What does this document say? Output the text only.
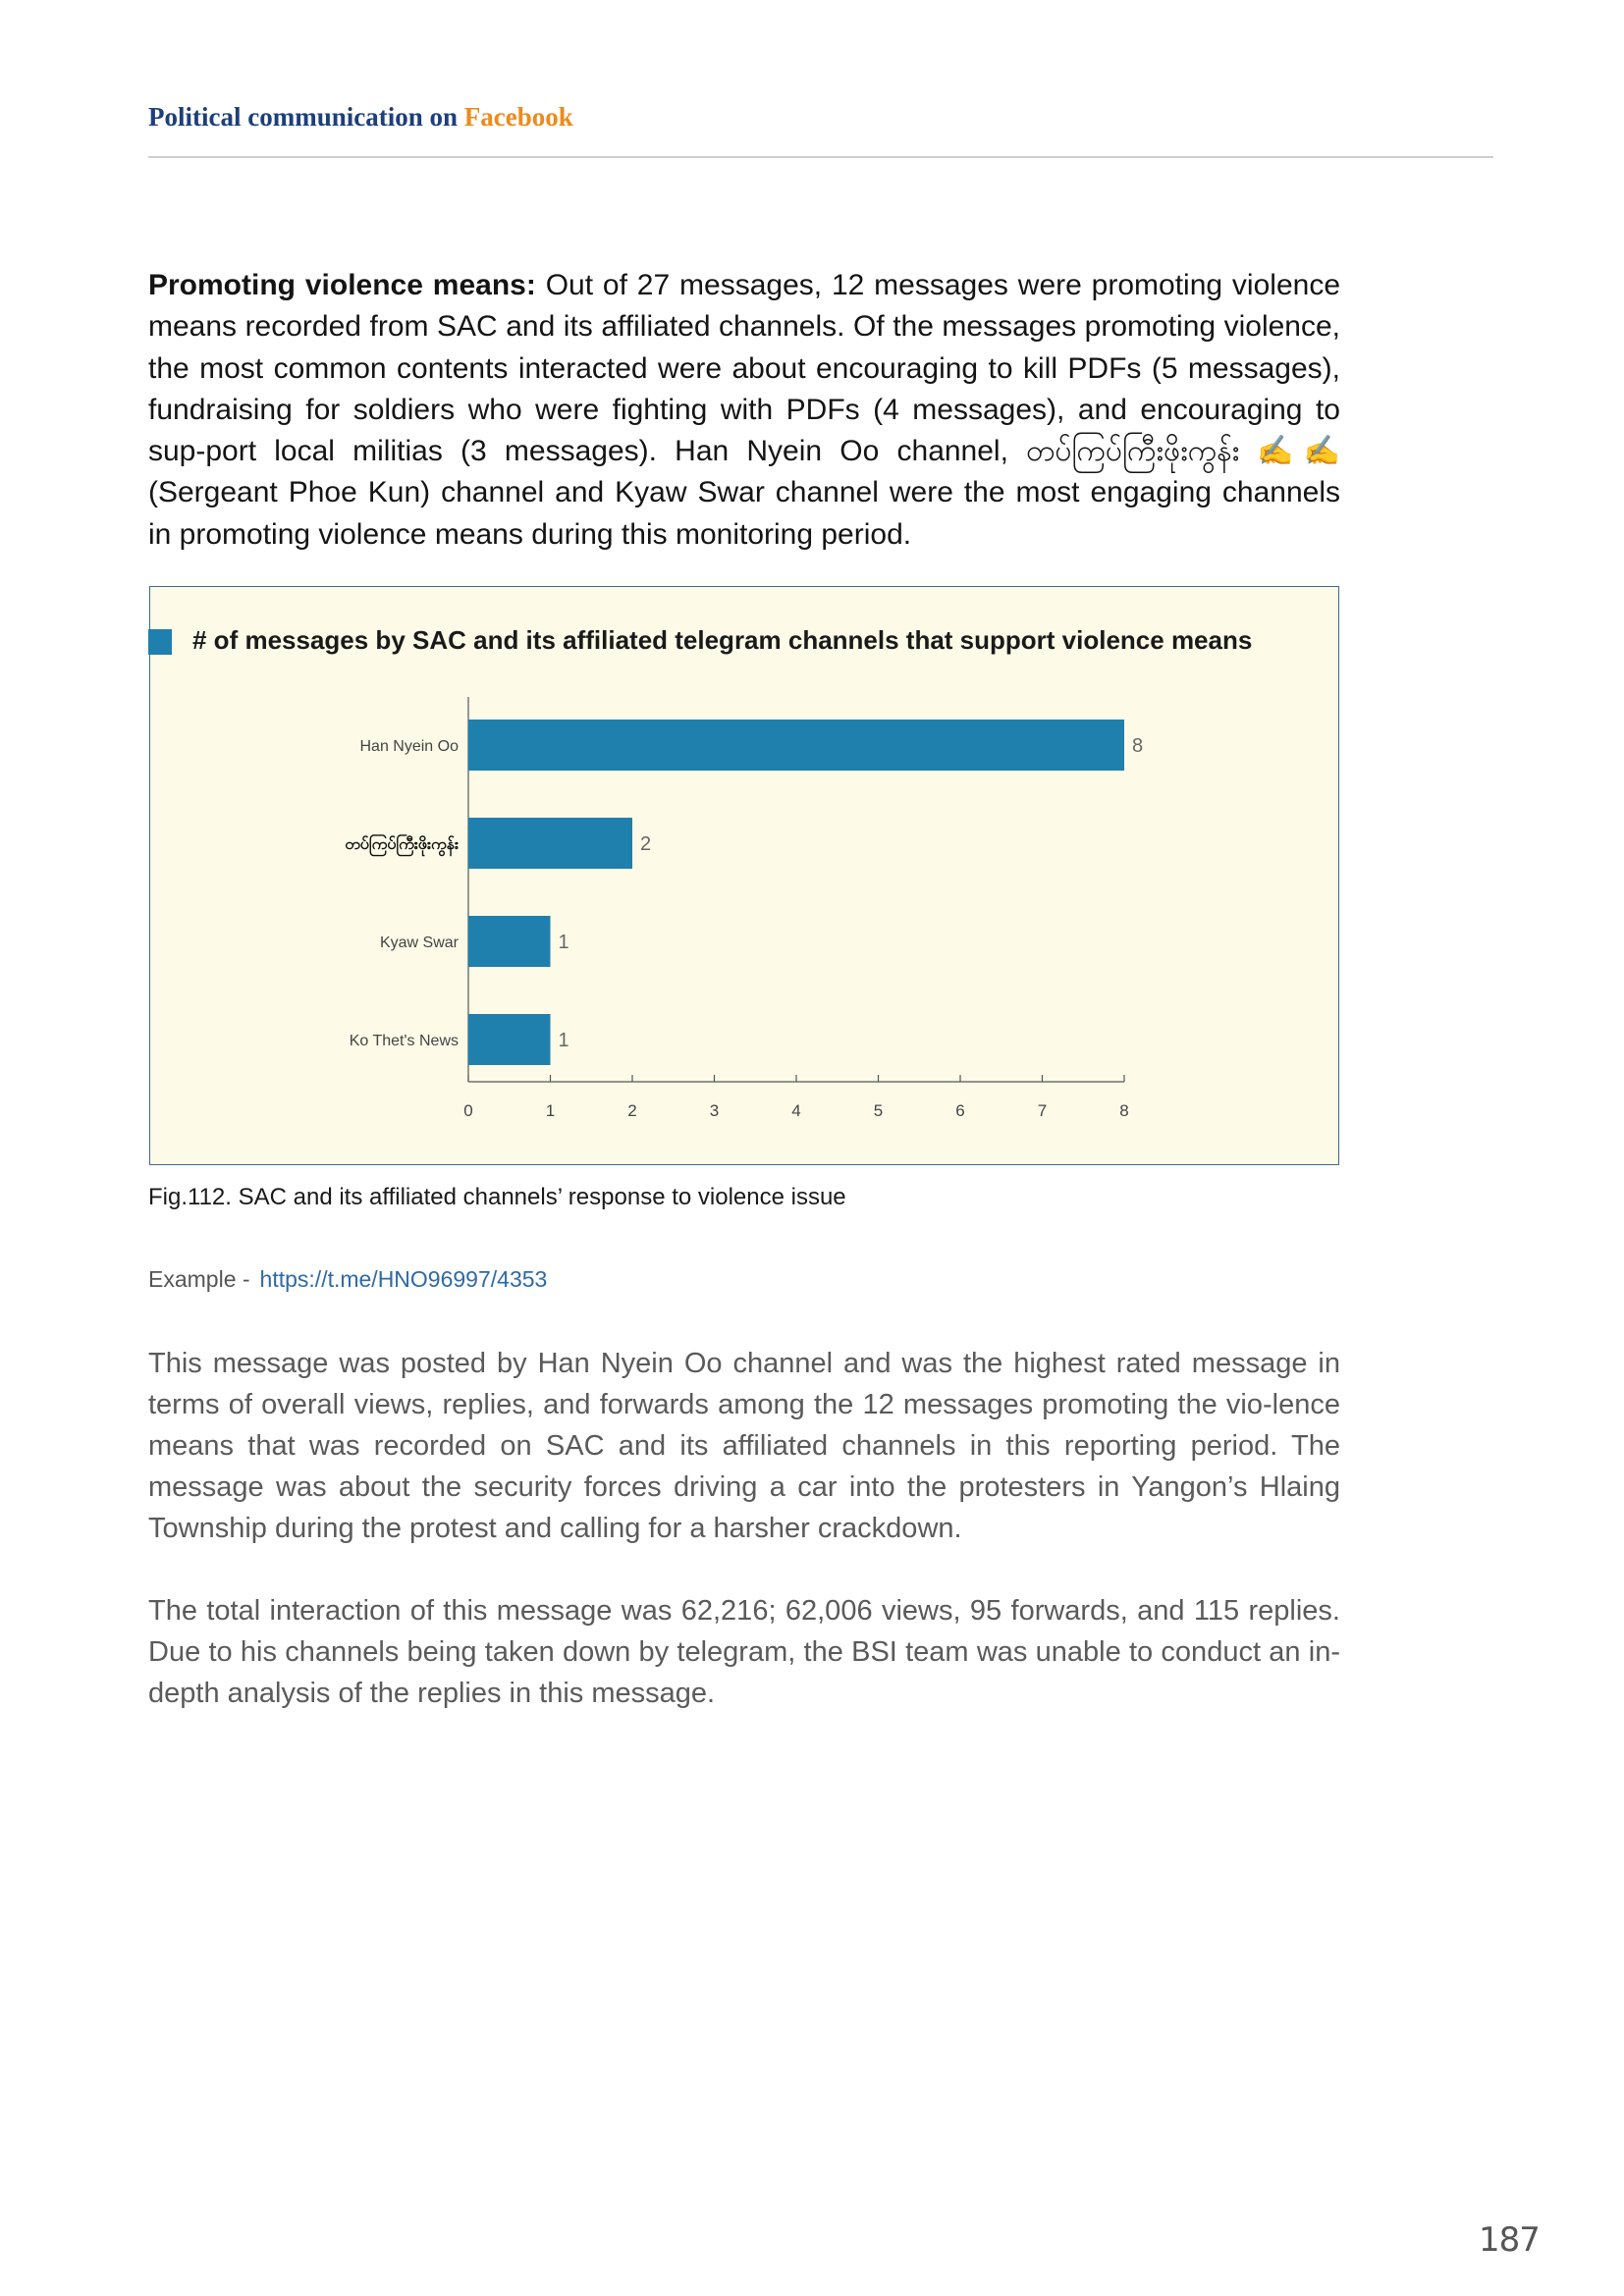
Political communication on Facebook

Promoting violence means: Out of 27 messages, 12 messages were promoting violence means recorded from SAC and its affiliated channels. Of the messages promoting violence, the most common contents interacted were about encouraging to kill PDFs (5 messages), fundraising for soldiers who were fighting with PDFs (4 messages), and encouraging to sup-port local militias (3 messages). Han Nyein Oo channel, တပ်ကြပ်ကြီးဖိုးကွန်း ✍️✍️ (Sergeant Phoe Kun) channel and Kyaw Swar channel were the most engaging channels in promoting violence means during this monitoring period.

# of messages by SAC and its affiliated telegram channels that support violence means
0	1	2	3	4	5	6	7	8
Han Nyein Oo	8
တပ်ကြပ်ကြီးဖိုးကွန်း	2
Kyaw Swar	1
Ko Thet's News	1
Fig.112. SAC and its affiliated channels’ response to violence issue
Example - https://t.me/HNO96997/4353

This message was posted by Han Nyein Oo channel and was the highest rated message in terms of overall views, replies, and forwards among the 12 messages promoting the vio-lence means that was recorded on SAC and its affiliated channels in this reporting period. The message was about the security forces driving a car into the protesters in Yangon’s Hlaing Township during the protest and calling for a harsher crackdown.

The total interaction of this message was 62,216; 62,006 views, 95 forwards, and 115 replies. Due to his channels being taken down by telegram, the BSI team was unable to conduct an in-depth analysis of the replies in this message.

187
